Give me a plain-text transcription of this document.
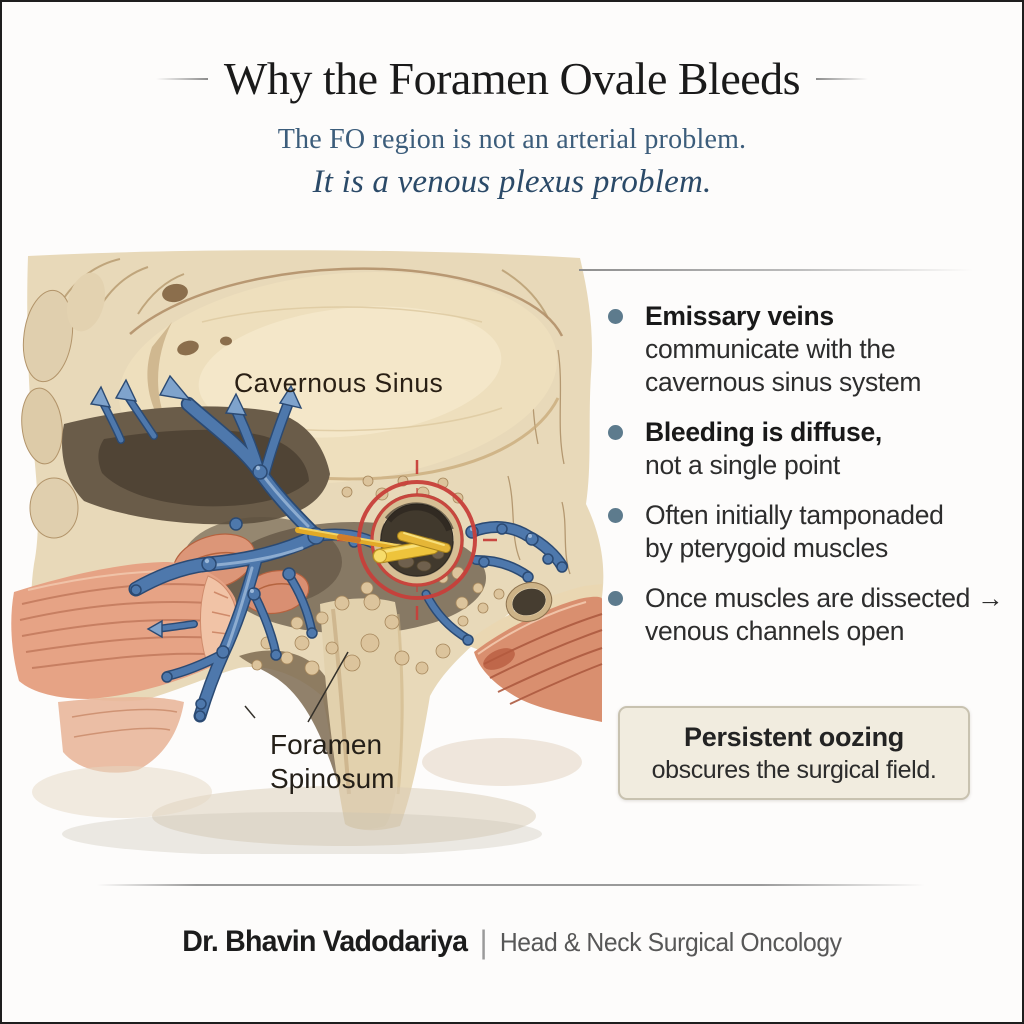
Why the Foramen Ovale Bleeds
The FO region is not an arterial problem.
It is a venous plexus problem.
Cavernous Sinus
Foramen
Spinosum
Emissary veins
communicate with the
cavernous sinus system
Bleeding is diffuse,
not a single point
Often initially tamponaded
by pterygoid muscles
Once muscles are dissected →
venous channels open
Persistent oozing
obscures the surgical field.
Dr. Bhavin Vadodariya | Head & Neck Surgical Oncology
